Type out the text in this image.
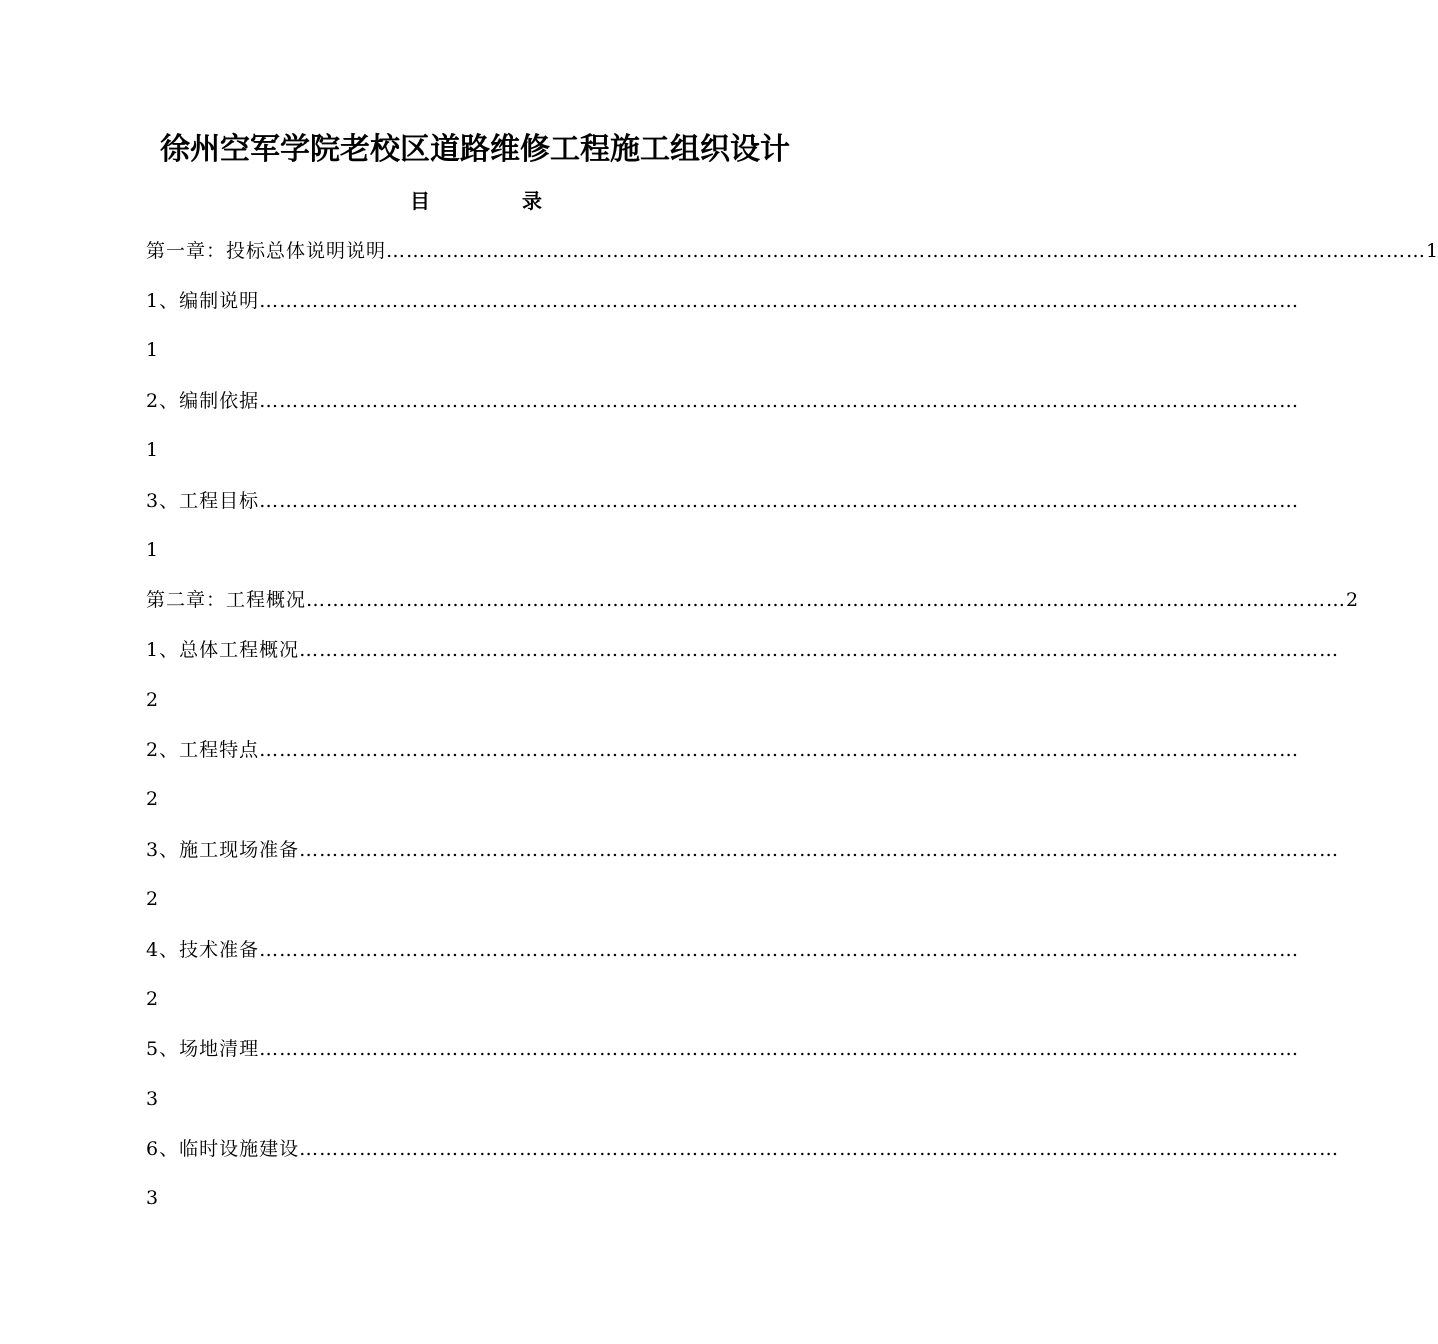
徐州空军学院老校区道路维修工程施工组织设计
目	录
第一章：投标总体说明说明 ………………………………………………………………………………………………………………………………………… 1
1、编制说明 …………………………………………………………………………………………………………………………………………
1
2、编制依据 …………………………………………………………………………………………………………………………………………
1
3、工程目标 …………………………………………………………………………………………………………………………………………
1
第二章：工程概况 ………………………………………………………………………………………………………………………………………… 2
1、总体工程概况 …………………………………………………………………………………………………………………………………………
2
2、工程特点 …………………………………………………………………………………………………………………………………………
2
3、施工现场准备 …………………………………………………………………………………………………………………………………………
2
4、技术准备 …………………………………………………………………………………………………………………………………………
2
5、场地清理 …………………………………………………………………………………………………………………………………………
3
6、临时设施建设 …………………………………………………………………………………………………………………………………………
3
